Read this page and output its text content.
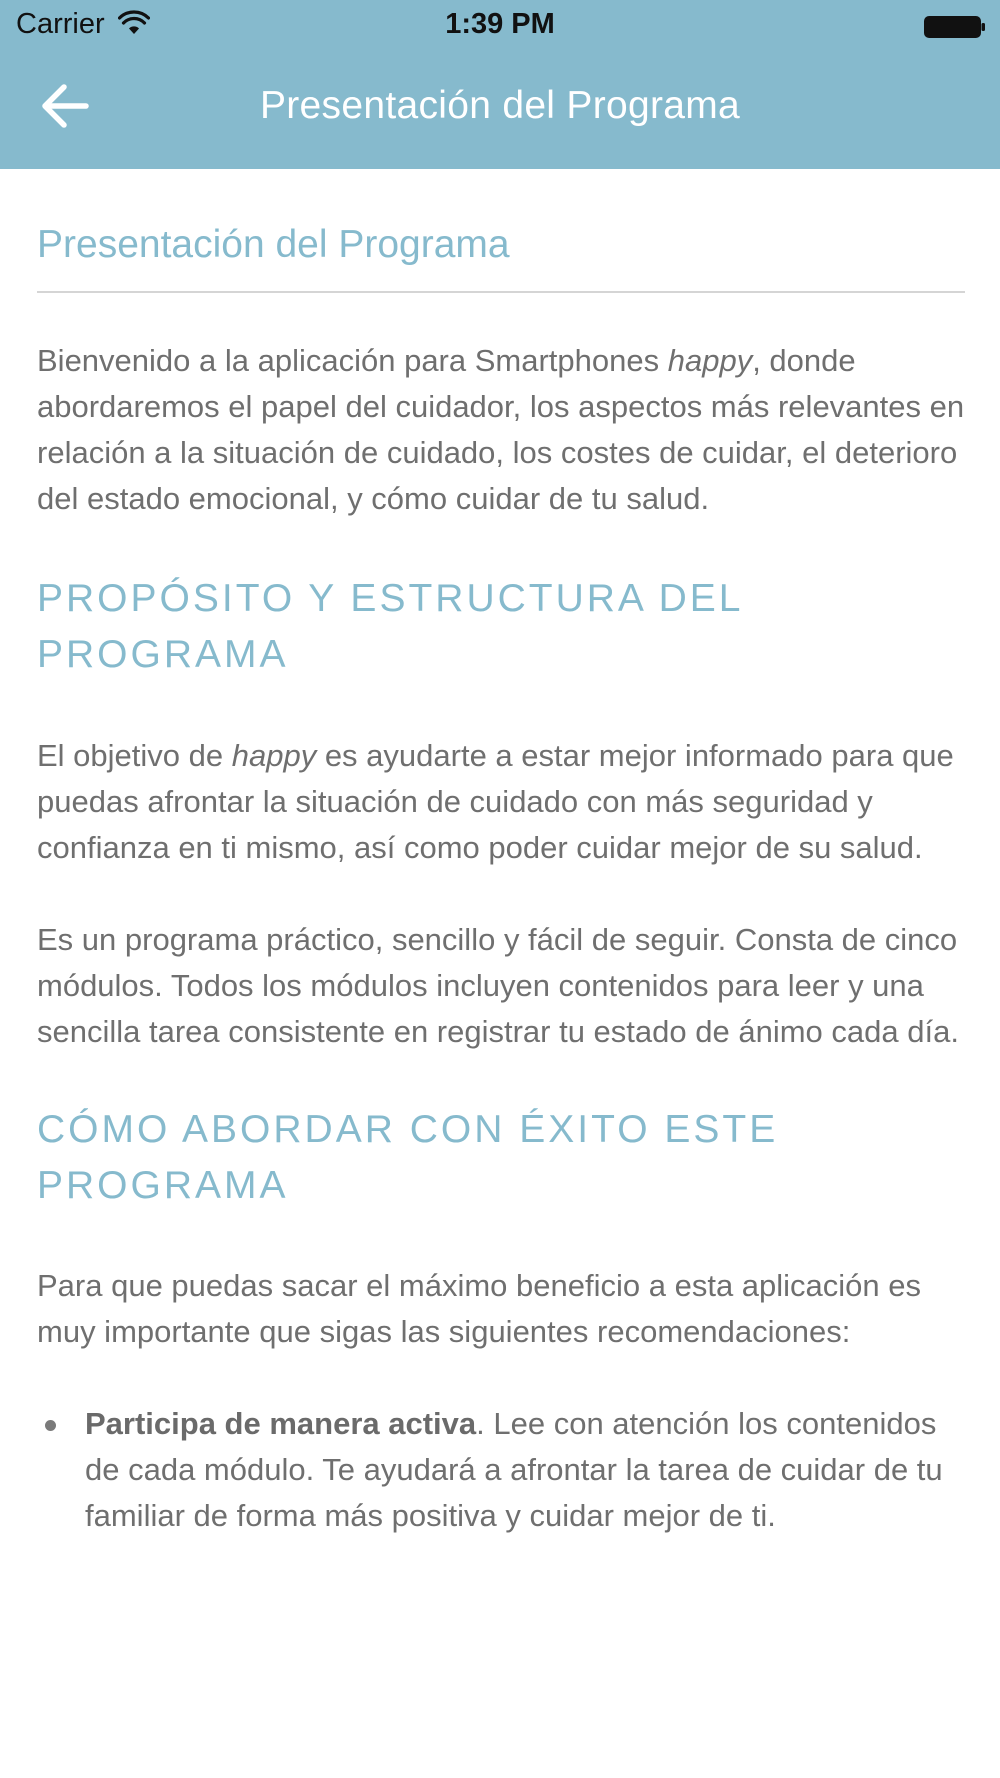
Carrier	1:39 PM
Presentación del Programa
Presentación del Programa

Bienvenido a la aplicación para Smartphones happy, donde abordaremos el papel del cuidador, los aspectos más relevantes en relación a la situación de cuidado, los costes de cuidar, el deterioro del estado emocional, y cómo cuidar de tu salud.

PROPÓSITO Y ESTRUCTURA DEL
PROGRAMA

El objetivo de happy es ayudarte a estar mejor informado para que puedas afrontar la situación de cuidado con más seguridad y confianza en ti mismo, así como poder cuidar mejor de su salud.

Es un programa práctico, sencillo y fácil de seguir. Consta de cinco módulos. Todos los módulos incluyen contenidos para leer y una sencilla tarea consistente en registrar tu estado de ánimo cada día.

CÓMO ABORDAR CON ÉXITO ESTE
PROGRAMA

Para que puedas sacar el máximo beneficio a esta aplicación es muy importante que sigas las siguientes recomendaciones:

Participa de manera activa. Lee con atención los contenidos de cada módulo. Te ayudará a afrontar la tarea de cuidar de tu familiar de forma más positiva y cuidar mejor de ti.
